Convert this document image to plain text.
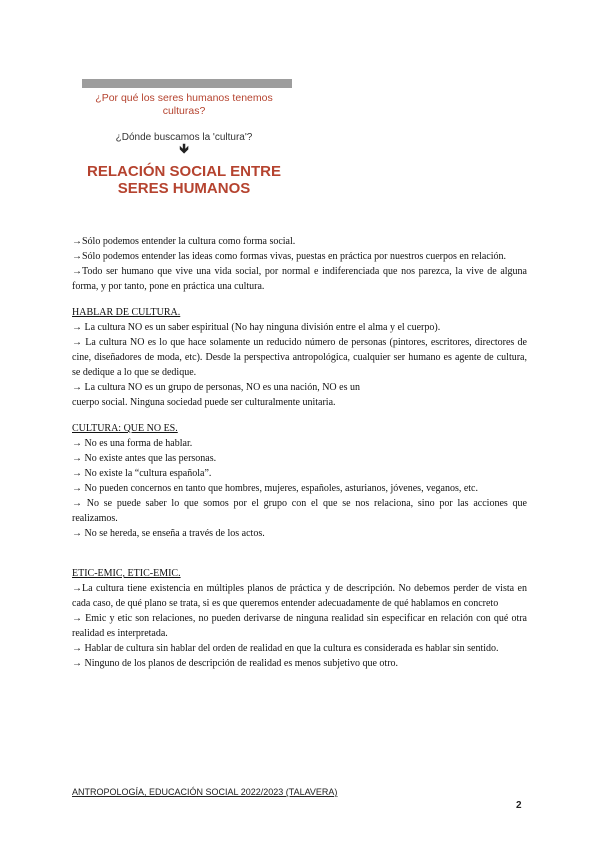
¿Por qué los seres humanos tenemos culturas?
¿Dónde buscamos la 'cultura'?
🡻
RELACIÓN SOCIAL ENTRE
SERES HUMANOS

→Sólo podemos entender la cultura como forma social.

→Sólo podemos entender las ideas como formas vivas, puestas en práctica por nuestros cuerpos en relación.

→Todo ser humano que vive una vida social, por normal e indiferenciada que nos parezca, la vive de alguna forma, y por tanto, pone en práctica una cultura.

HABLAR DE CULTURA.

→ La cultura NO es un saber espiritual (No hay ninguna división entre el alma y el cuerpo).

→ La cultura NO es lo que hace solamente un reducido número de personas (pintores, escritores, directores de cine, diseñadores de moda, etc). Desde la perspectiva antropológica, cualquier ser humano es agente de cultura, se dedique a lo que se dedique.

→ La cultura NO es un grupo de personas, NO es una nación, NO es un

cuerpo social. Ninguna sociedad puede ser culturalmente unitaria.

CULTURA: QUE NO ES.

→ No es una forma de hablar.

→ No existe antes que las personas.

→ No existe la “cultura española”.

→ No pueden concernos en tanto que hombres, mujeres, españoles, asturianos, jóvenes, veganos, etc.

→ No se puede saber lo que somos por el grupo con el que se nos relaciona, sino por las acciones que realizamos.

→ No se hereda, se enseña a través de los actos.

ETIC-EMIC, ETIC-EMIC.

→La cultura tiene existencia en múltiples planos de práctica y de descripción. No debemos perder de vista en cada caso, de qué plano se trata, si es que queremos entender adecuadamente de qué hablamos en concreto

→ Emic y etic son relaciones, no pueden derivarse de ninguna realidad sin especificar en relación con qué otra realidad es interpretada.

→ Hablar de cultura sin hablar del orden de realidad en que la cultura es considerada es hablar sin sentido.

→ Ninguno de los planos de descripción de realidad es menos subjetivo que otro.

ANTROPOLOGÍA, EDUCACIÓN SOCIAL 2022/2023 (TALAVERA)
2
